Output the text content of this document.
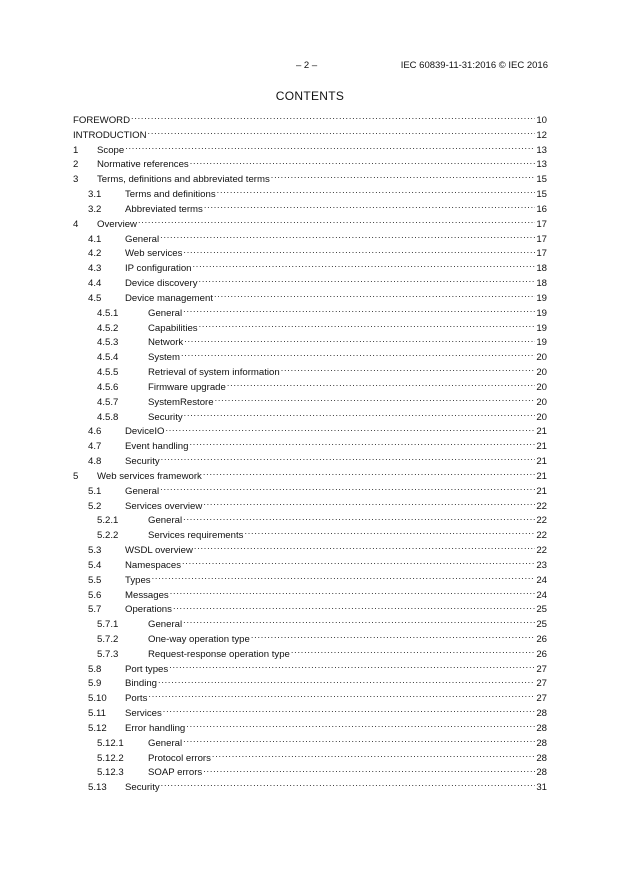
– 2 –	IEC 60839-11-31:2016 © IEC 2016
CONTENTS
FOREWORD .....	10
INTRODUCTION .....	12
1	Scope .....	13
2	Normative references .....	13
3	Terms, definitions and abbreviated terms .....	15
3.1	Terms and definitions .....	15
3.2	Abbreviated terms .....	16
4	Overview .....	17
4.1	General .....	17
4.2	Web services .....	17
4.3	IP configuration .....	18
4.4	Device discovery .....	18
4.5	Device management .....	19
4.5.1	General .....	19
4.5.2	Capabilities .....	19
4.5.3	Network .....	19
4.5.4	System .....	20
4.5.5	Retrieval of system information .....	20
4.5.6	Firmware upgrade .....	20
4.5.7	SystemRestore .....	20
4.5.8	Security .....	20
4.6	DeviceIO .....	21
4.7	Event handling .....	21
4.8	Security .....	21
5	Web services framework .....	21
5.1	General .....	21
5.2	Services overview .....	22
5.2.1	General .....	22
5.2.2	Services requirements .....	22
5.3	WSDL overview .....	22
5.4	Namespaces .....	23
5.5	Types .....	24
5.6	Messages .....	24
5.7	Operations .....	25
5.7.1	General .....	25
5.7.2	One-way operation type .....	26
5.7.3	Request-response operation type .....	26
5.8	Port types .....	27
5.9	Binding .....	27
5.10	Ports .....	27
5.11	Services .....	28
5.12	Error handling .....	28
5.12.1	General .....	28
5.12.2	Protocol errors .....	28
5.12.3	SOAP errors .....	28
5.13	Security .....	31
